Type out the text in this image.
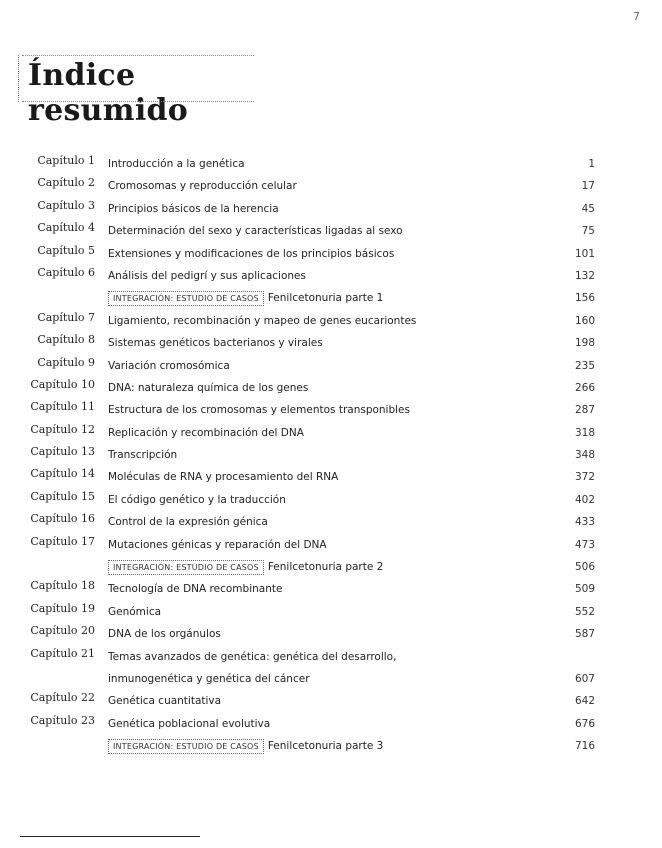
7
Índice resumido
Capítulo 1 Introducción a la genética	1
Capítulo 2 Cromosomas y reproducción celular	17
Capítulo 3 Principios básicos de la herencia	45
Capítulo 4 Determinación del sexo y características ligadas al sexo	75
Capítulo 5 Extensiones y modificaciones de los principios básicos	101
Capítulo 6 Análisis del pedigrí y sus aplicaciones	132
INTEGRACIÓN: ESTUDIO DE CASOS Fenilcetonuria parte 1	156
Capítulo 7 Ligamiento, recombinación y mapeo de genes eucariontes	160
Capítulo 8 Sistemas genéticos bacterianos y virales	198
Capítulo 9 Variación cromosómica	235
Capítulo 10 DNA: naturaleza química de los genes	266
Capítulo 11 Estructura de los cromosomas y elementos transponibles	287
Capítulo 12 Replicación y recombinación del DNA	318
Capítulo 13 Transcripción	348
Capítulo 14 Moléculas de RNA y procesamiento del RNA	372
Capítulo 15 El código genético y la traducción	402
Capítulo 16 Control de la expresión génica	433
Capítulo 17 Mutaciones génicas y reparación del DNA	473
INTEGRACIÓN: ESTUDIO DE CASOS Fenilcetonuria parte 2	506
Capítulo 18 Tecnología de DNA recombinante	509
Capítulo 19 Genómica	552
Capítulo 20 DNA de los orgánulos	587
Capítulo 21 Temas avanzados de genética: genética del desarrollo,
inmunogenética y genética del cáncer	607
Capítulo 22 Genética cuantitativa	642
Capítulo 23 Genética poblacional evolutiva	676
INTEGRACIÓN: ESTUDIO DE CASOS Fenilcetonuria parte 3	716
